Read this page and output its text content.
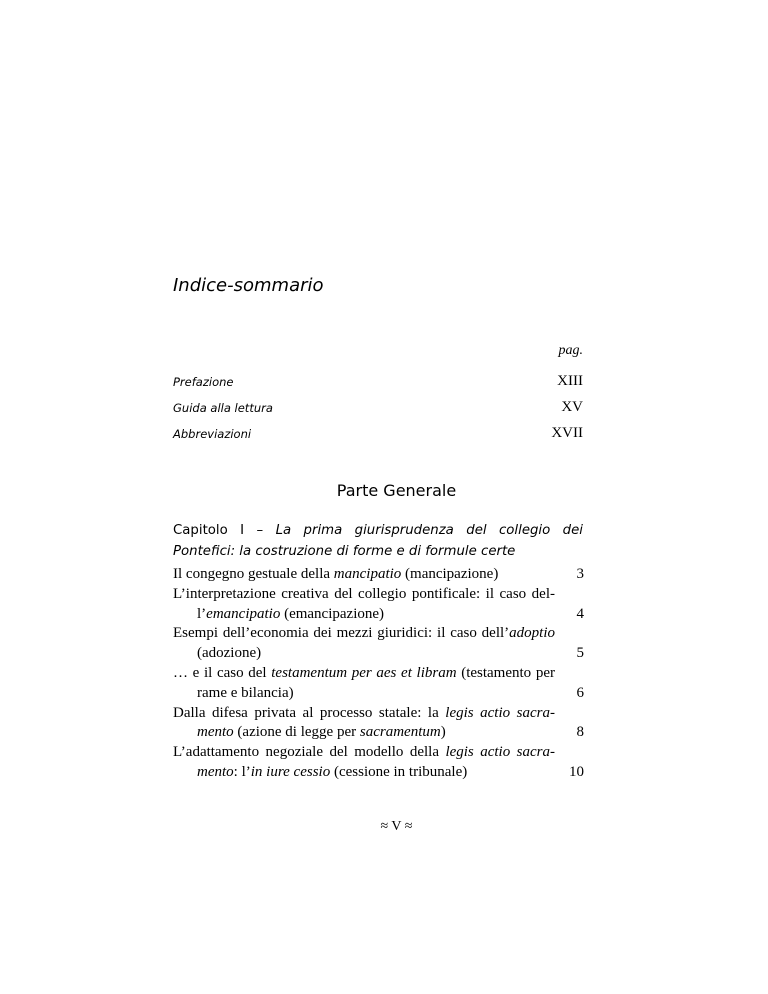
Indice-sommario
pag.
Prefazione	XIII
Guida alla lettura	XV
Abbreviazioni	XVII
Parte Generale
Capitolo I – La prima giurisprudenza del collegio dei Pontefici: la costruzione di forme e di formule certe
Il congegno gestuale della mancipatio (mancipazione)	3
L’interpretazione creativa del collegio pontificale: il caso dell’emancipatio (emancipazione)	4
Esempi dell’economia dei mezzi giuridici: il caso dell’adoptio (adozione)	5
… e il caso del testamentum per aes et libram (testamento per rame e bilancia)	6
Dalla difesa privata al processo statale: la legis actio sacramento (azione di legge per sacramentum)	8
L’adattamento negoziale del modello della legis actio sacramento: l’in iure cessio (cessione in tribunale)	10
≈ V ≈
